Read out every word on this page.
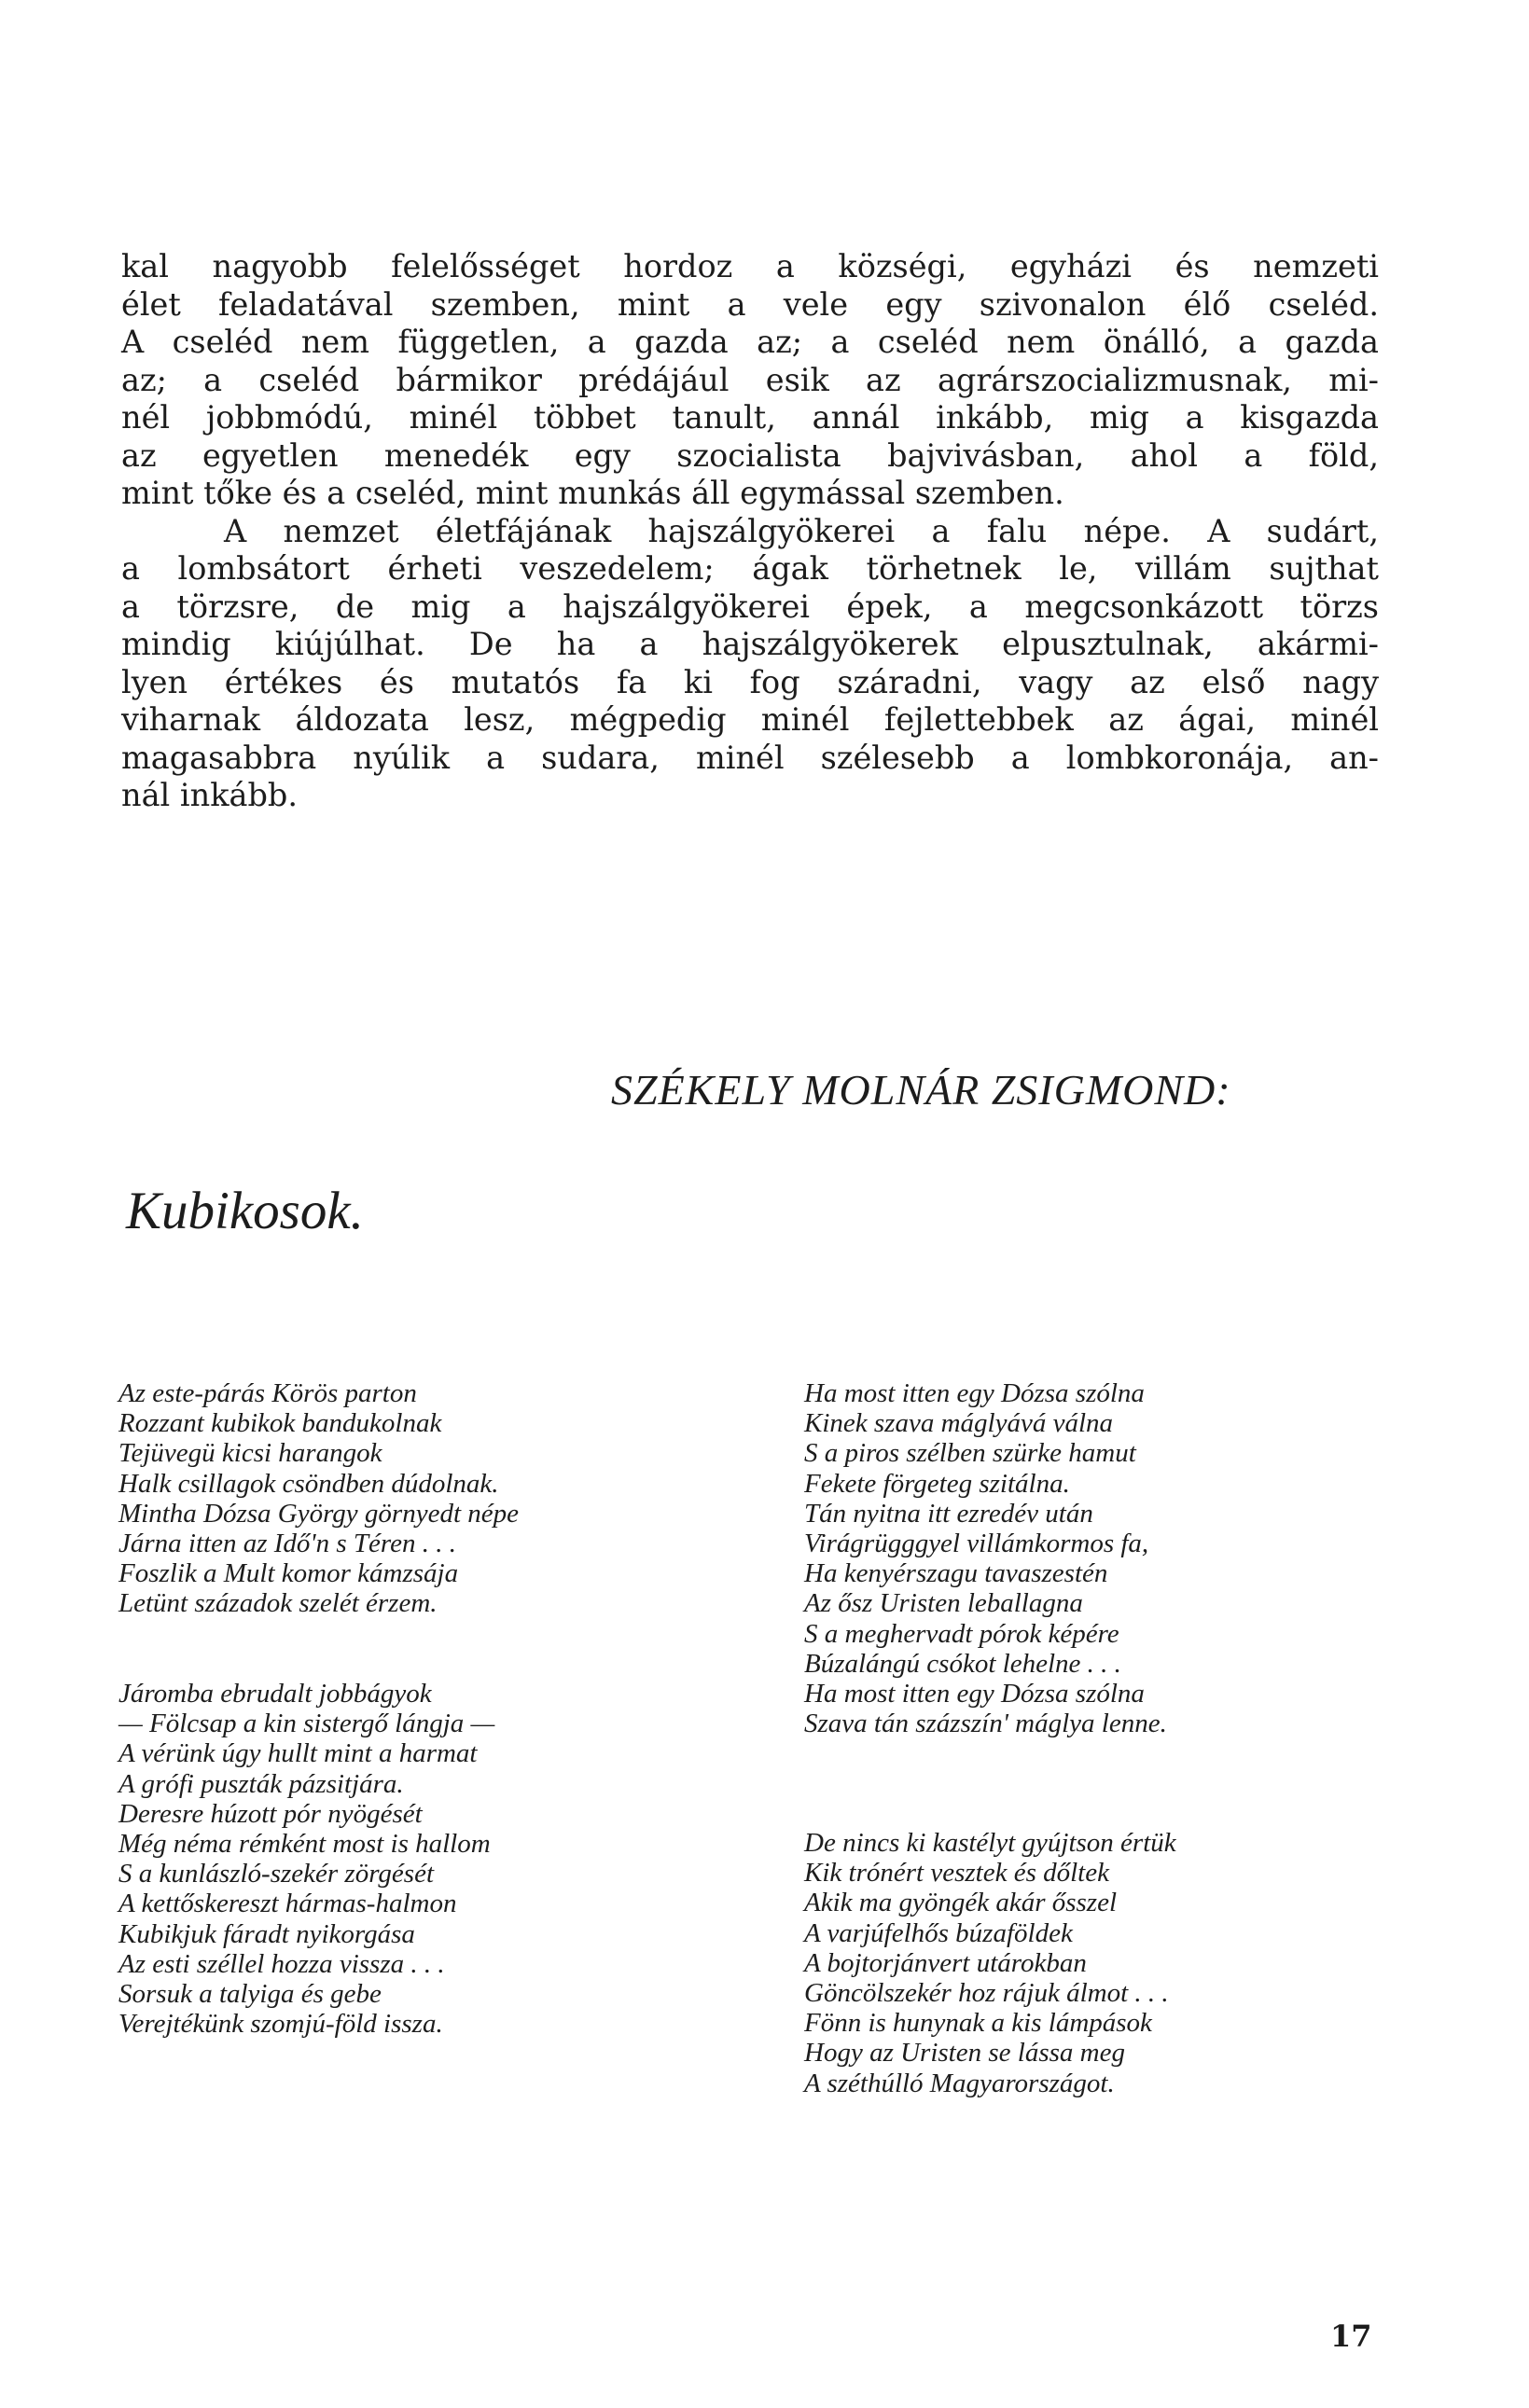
kal nagyobb felelősséget hordoz a községi, egyházi és nemzeti
élet feladatával szemben, mint a vele egy szivonalon élő cseléd.
A cseléd nem független, a gazda az; a cseléd nem önálló, a gazda
az; a cseléd bármikor prédájául esik az agrárszocializmusnak, mi-
nél jobbmódú, minél többet tanult, annál inkább, mig a kisgazda
az egyetlen menedék egy szocialista bajvivásban, ahol a föld,
mint tőke és a cseléd, mint munkás áll egymással szemben.
A nemzet életfájának hajszálgyökerei a falu népe. A sudárt,
a lombsátort érheti veszedelem; ágak törhetnek le, villám sujthat
a törzsre, de mig a hajszálgyökerei épek, a megcsonkázott törzs
mindig kiújúlhat. De ha a hajszálgyökerek elpusztulnak, akármi-
lyen értékes és mutatós fa ki fog száradni, vagy az első nagy
viharnak áldozata lesz, mégpedig minél fejlettebbek az ágai, minél
magasabbra nyúlik a sudara, minél szélesebb a lombkoronája, an-
nál inkább.
SZÉKELY MOLNÁR ZSIGMOND:
Kubikosok.
Az este-párás Körös parton
Rozzant kubikok bandukolnak
Tejüvegü kicsi harangok
Halk csillagok csöndben dúdolnak.
Mintha Dózsa György görnyedt népe
Járna itten az Idő'n s Téren . . .
Foszlik a Mult komor kámzsája
Letünt századok szelét érzem.
Járomba ebrudalt jobbágyok
— Fölcsap a kin sistergő lángja —
A vérünk úgy hullt mint a harmat
A grófi puszták pázsitjára.
Deresre húzott pór nyögését
Még néma rémként most is hallom
S a kunlászló-szekér zörgését
A kettőskereszt hármas-halmon
Kubikjuk fáradt nyikorgása
Az esti széllel hozza vissza . . .
Sorsuk a talyiga és gebe
Verejtékünk szomjú-föld issza.
Ha most itten egy Dózsa szólna
Kinek szava máglyává válna
S a piros szélben szürke hamut
Fekete förgeteg szitálna.
Tán nyitna itt ezredév után
Virágrügggyel villámkormos fa,
Ha kenyérszagu tavaszestén
Az ősz Uristen leballagna
S a meghervadt pórok képére
Búzalángú csókot lehelne . . .
Ha most itten egy Dózsa szólna
Szava tán százszín' máglya lenne.
De nincs ki kastélyt gyújtson értük
Kik trónért vesztek és dőltek
Akik ma gyöngék akár ősszel
A varjúfelhős búzaföldek
A bojtorjánvert utárokban
Göncölszekér hoz rájuk álmot . . .
Fönn is hunynak a kis lámpások
Hogy az Uristen se lássa meg
A széthúlló Magyarországot.
17
